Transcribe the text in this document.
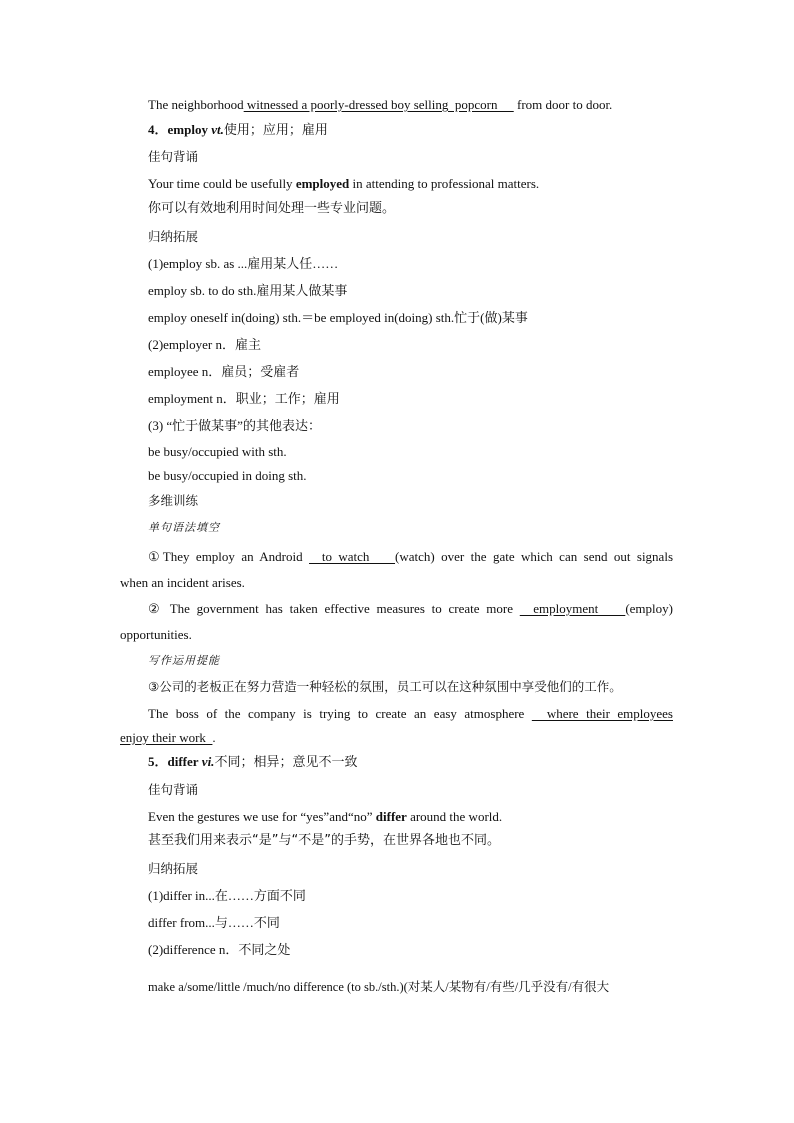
The neighborhood witnessed a poorly-dressed boy selling  popcorn      from door to door.
4．employ vt.使用；应用；雇用
佳句背诵
Your time could be usefully employed in attending to professional matters.
你可以有效地利用时间处理一些专业问题。
归纳拓展
(1)employ sb. as ...雇用某人任……
employ sb. to do sth.雇用某人做某事
employ oneself in(doing) sth.＝be employed in(doing) sth.忙于(做)某事
(2)employer n．雇主
employee n．雇员；受雇者
employment n．职业；工作；雇用
(3) “忙于做某事”的其他表达：
be busy/occupied with sth.
be busy/occupied in doing sth.
多维训练
单句语法填空
①They employ an Android   to watch    (watch) over the gate which can send out signals
when an incident arises.
② The government has taken effective measures to create more   employment    (employ)
opportunities.
写作运用提能
③公司的老板正在努力营造一种轻松的氛围，员工可以在这种氛围中享受他们的工作。
The boss of the company is trying to create an easy atmosphere   where their employees
enjoy their work  .
5．differ vi.不同；相异；意见不一致
佳句背诵
Even the gestures we use for “yes”and“no” differ around the world.
甚至我们用来表示“是”与“不是”的手势，在世界各地也不同。
归纳拓展
(1)differ in...在……方面不同
differ from...与……不同
(2)difference n．不同之处
make a/some/little /much/no difference (to sb./sth.)(对某人/某物有/有些/几乎没有/有很大
